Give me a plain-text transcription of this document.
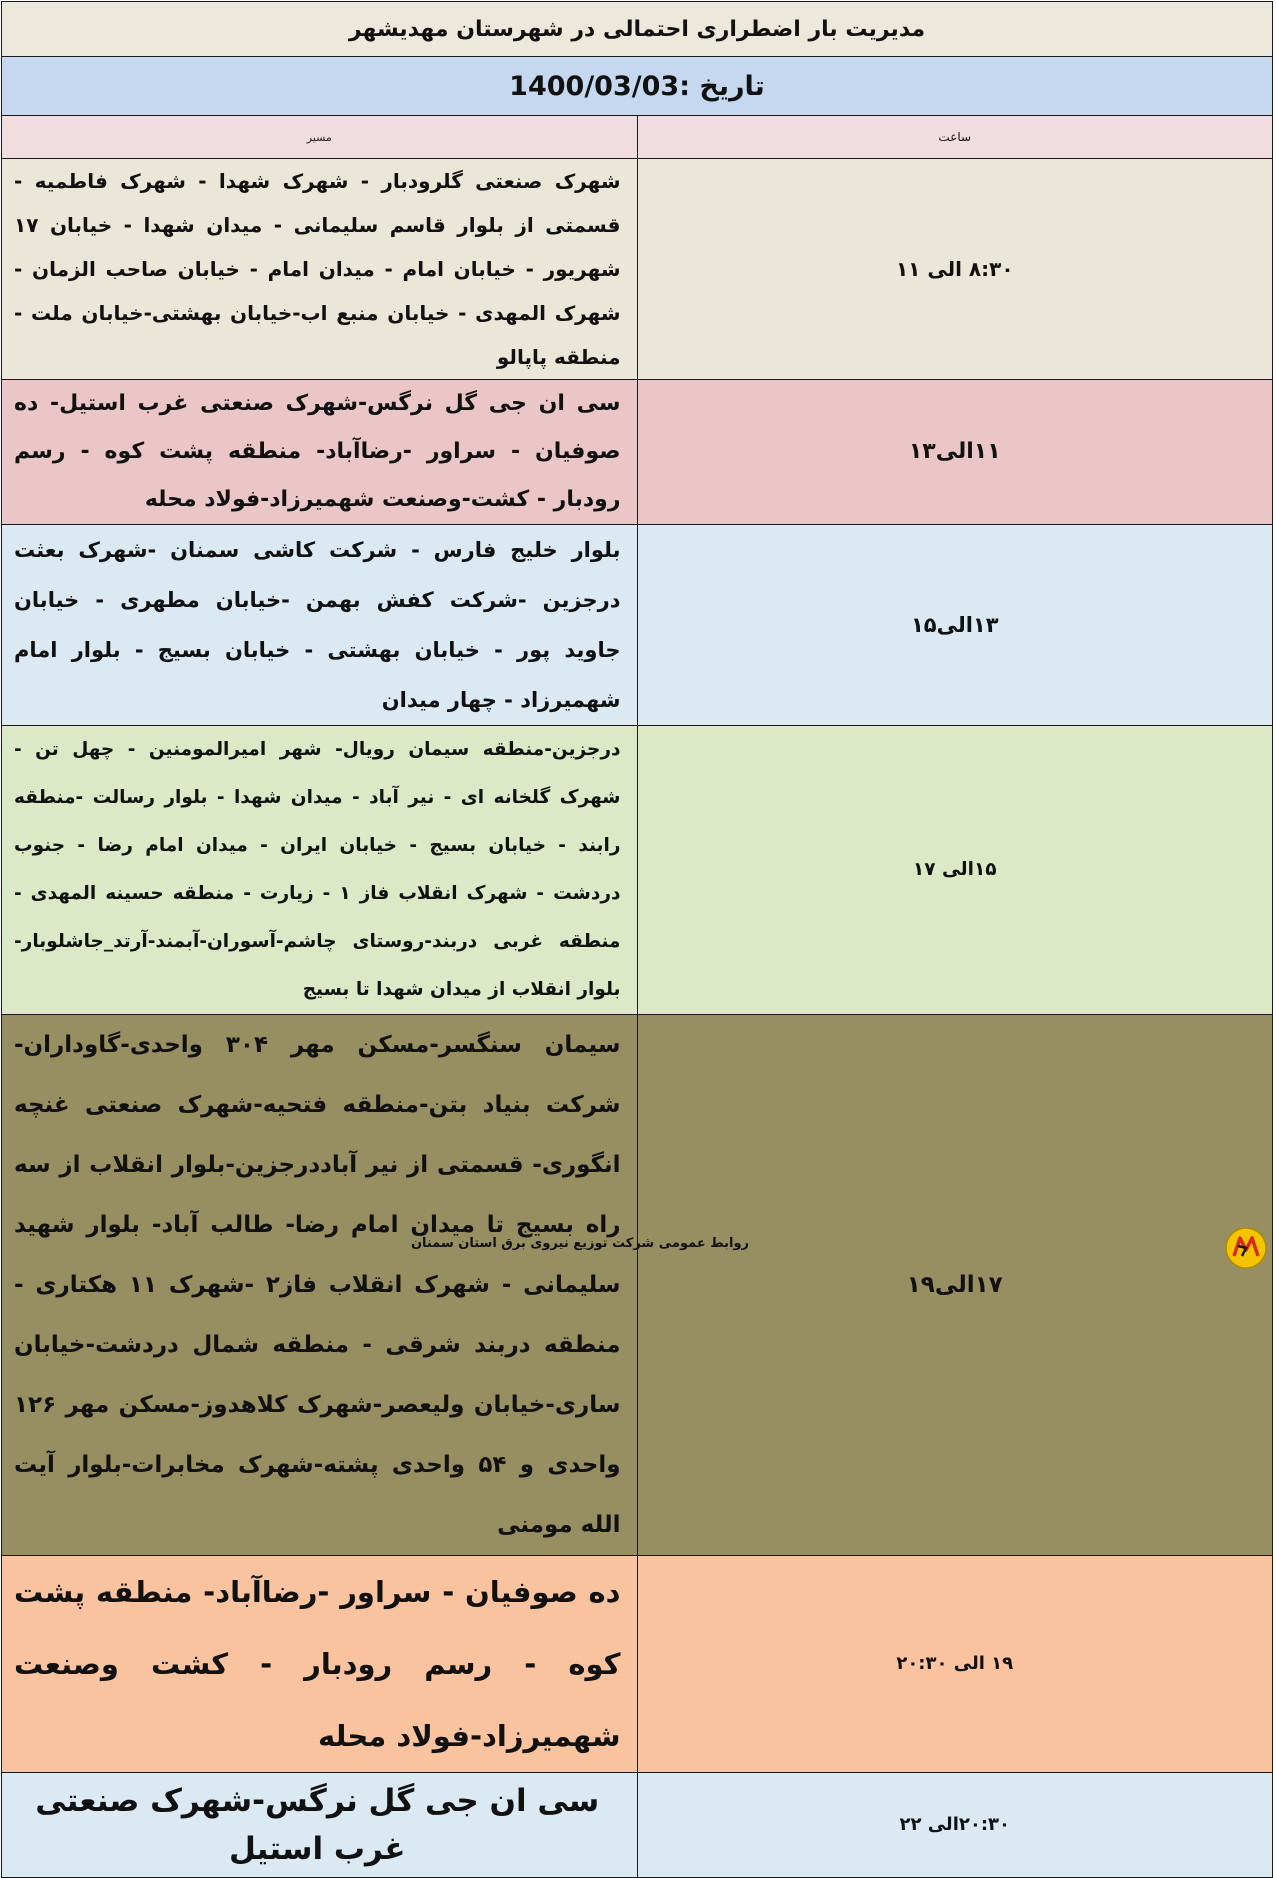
مدیریت بار اضطراری احتمالی در شهرستان مهدیشهر	
تاریخ :1400/03/03	
ساعت	مسیر
۸:۳۰ الی ۱۱	شهرک صنعتی گلرودبار - شهرک شهدا - شهرک فاطمیه - قسمتی از بلوار قاسم سلیمانی - میدان شهدا - خیابان ۱۷ شهریور - خیابان امام - میدان امام - خیابان صاحب الزمان - شهرک المهدی - خیابان منبع اب-خیابان بهشتی-خیابان ملت - منطقه پاپالو
۱۱الی۱۳	سی ان جی گل نرگس-شهرک صنعتی غرب استیل- ده صوفیان - سراور -رضاآباد- منطقه پشت کوه - رسم رودبار - کشت-وصنعت شهمیرزاد-فولاد محله
۱۳الی۱۵	بلوار خلیج فارس - شرکت کاشی سمنان -شهرک بعثت درجزین -شرکت کفش بهمن -خیابان مطهری - خیابان جاوید پور - خیابان بهشتی - خیابان بسیج - بلوار امام شهمیرزاد - چهار میدان
۱۵الی ۱۷	درجزین-منطقه سیمان رویال- شهر امیرالمومنین - چهل تن - شهرک گلخانه ای - نیر آباد - میدان شهدا - بلوار رسالت -منطقه رابند - خیابان بسیج - خیابان ایران - میدان امام رضا - جنوب دردشت - شهرک انقلاب فاز ۱ - زیارت - منطقه حسینه المهدی - منطقه غربی دربند-روستای چاشم-آسوران-آبمند-آرتد_جاشلوبار-بلوار انقلاب از میدان شهدا تا بسیج
۱۷الی۱۹	سیمان سنگسر-مسکن مهر ۳۰۴ واحدی-گاوداران-شرکت بنیاد بتن-منطقه فتحیه-شهرک صنعتی غنچه انگوری- قسمتی از نیر آباددرجزین-بلوار انقلاب از سه راه بسیج تا میدان امام رضا- طالب آباد- بلوار شهید سلیمانی - شهرک انقلاب فاز۲ -شهرک ۱۱ هکتاری - منطقه دربند شرقی - منطقه شمال دردشت-خیابان ساری-خیابان ولیعصر-شهرک کلاهدوز-مسکن مهر ۱۲۶ واحدی و ۵۴ واحدی پشته-شهرک مخابرات-بلوار آیت الله مومنی
۱۹ الی ۲۰:۳۰	ده صوفیان - سراور -رضاآباد- منطقه پشت کوه - رسم رودبار - کشت وصنعت شهمیرزاد-فولاد محله
۲۰:۳۰الی ۲۲	سی ان جی گل نرگس-شهرک صنعتی غرب استیل
روابط عمومی شرکت توزیع نیروی برق استان سمنان
